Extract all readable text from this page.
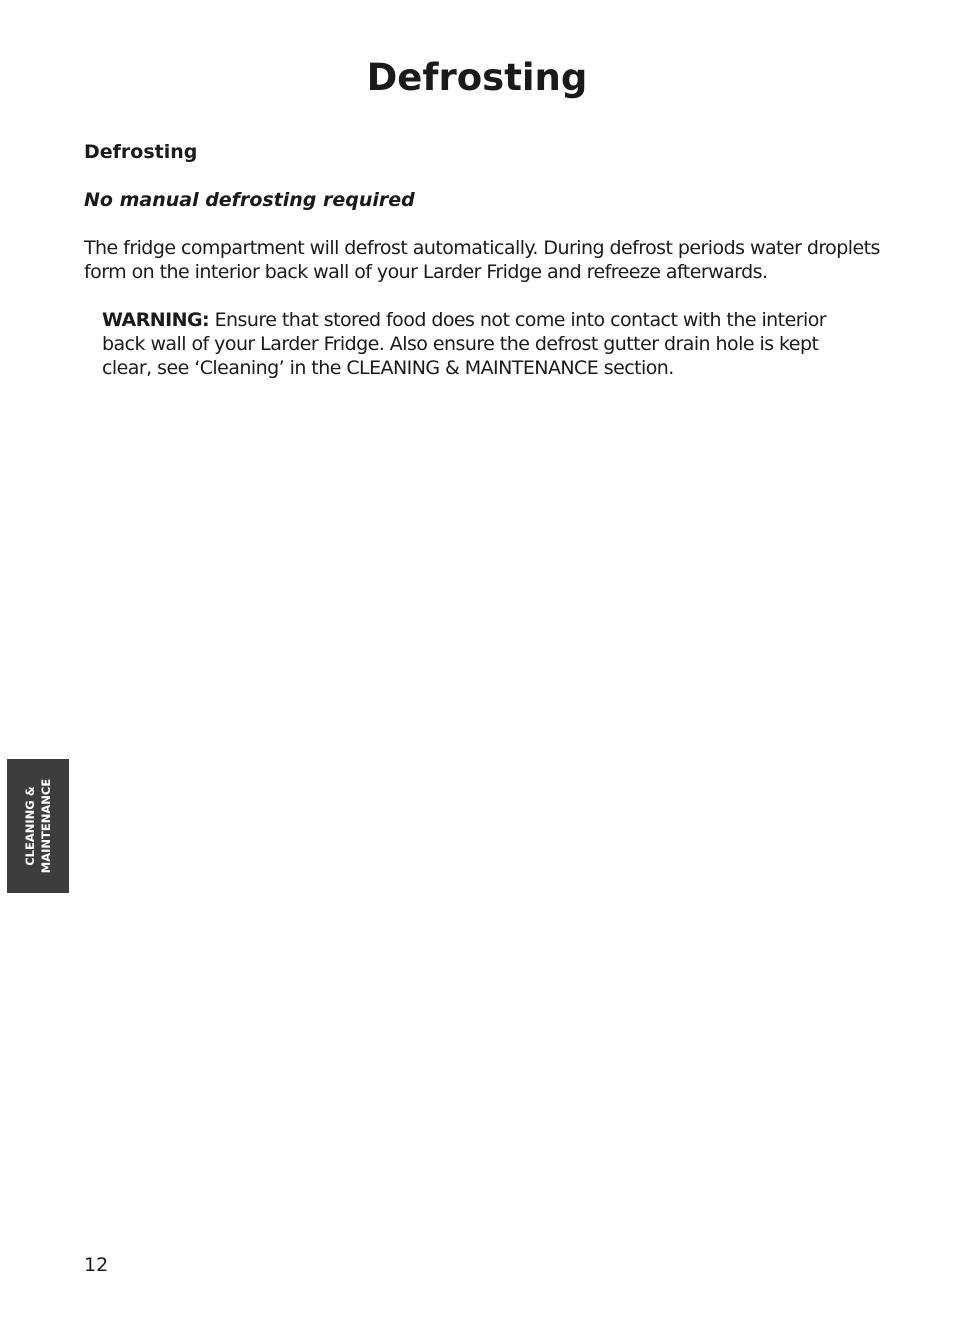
Defrosting

Defrosting

No manual defrosting required

The fridge compartment will defrost automatically. During defrost periods water droplets form on the interior back wall of your Larder Fridge and refreeze afterwards.

WARNING: Ensure that stored food does not come into contact with the interior back wall of your Larder Fridge. Also ensure the defrost gutter drain hole is kept clear, see ‘Cleaning’ in the CLEANING & MAINTENANCE section.

CLEANING & MAINTENANCE
12
